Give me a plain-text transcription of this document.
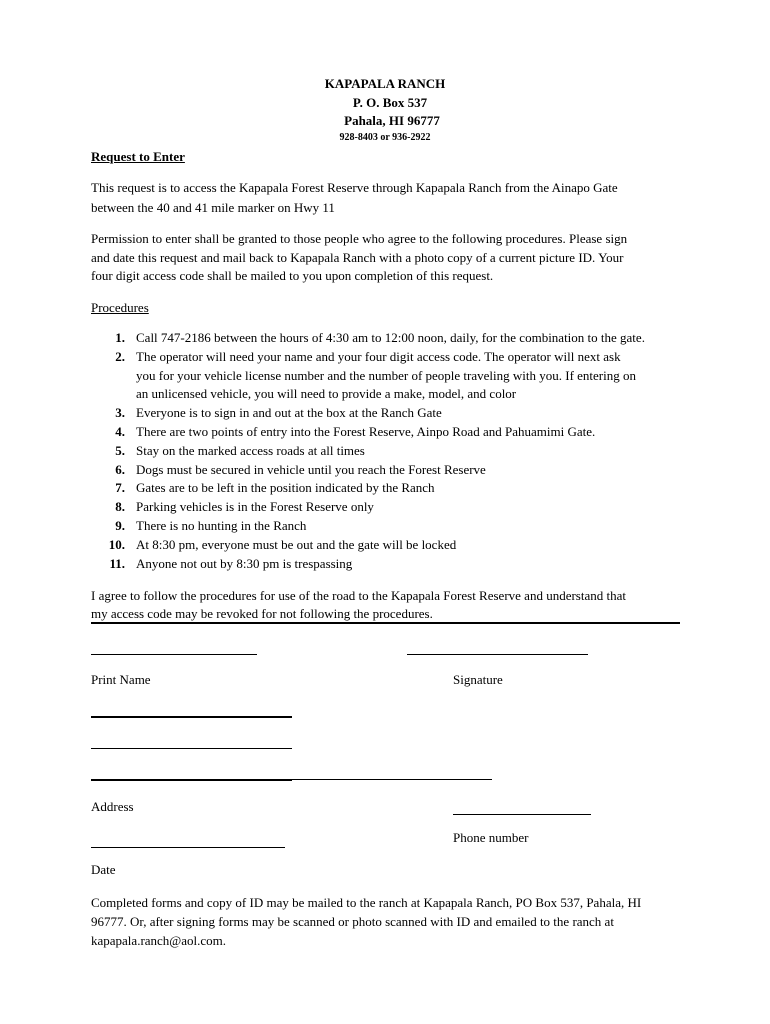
KAPAPALA RANCH
P. O. Box 537
Pahala, HI 96777
928-8403 or 936-2922
Request to Enter
This request is to access the Kapapala Forest Reserve through Kapapala Ranch from the Ainapo Gate
between the 40 and 41 mile marker on Hwy 11
Permission to enter shall be granted to those people who agree to the following procedures. Please sign
and date this request and mail back to Kapapala Ranch with a photo copy of a current picture ID. Your
four digit access code shall be mailed to you upon completion of this request.
Procedures
1. Call 747-2186 between the hours of 4:30 am to 12:00 noon, daily, for the combination to the gate.
2. The operator will need your name and your four digit access code. The operator will next ask
you for your vehicle license number and the number of people traveling with you. If entering on
an unlicensed vehicle, you will need to provide a make, model, and color
3. Everyone is to sign in and out at the box at the Ranch Gate
4. There are two points of entry into the Forest Reserve, Ainpo Road and Pahuamimi Gate.
5. Stay on the marked access roads at all times
6. Dogs must be secured in vehicle until you reach the Forest Reserve
7. Gates are to be left in the position indicated by the Ranch
8. Parking vehicles is in the Forest Reserve only
9. There is no hunting in the Ranch
10. At 8:30 pm, everyone must be out and the gate will be locked
11. Anyone not out by 8:30 pm is trespassing
I agree to follow the procedures for use of the road to the Kapapala Forest Reserve and understand that
my access code may be revoked for not following the procedures.
Print Name	Signature
Address
Phone number
Date
Completed forms and copy of ID may be mailed to the ranch at Kapapala Ranch, PO Box 537, Pahala, HI
96777. Or, after signing forms may be scanned or photo scanned with ID and emailed to the ranch at
kapapala.ranch@aol.com.
